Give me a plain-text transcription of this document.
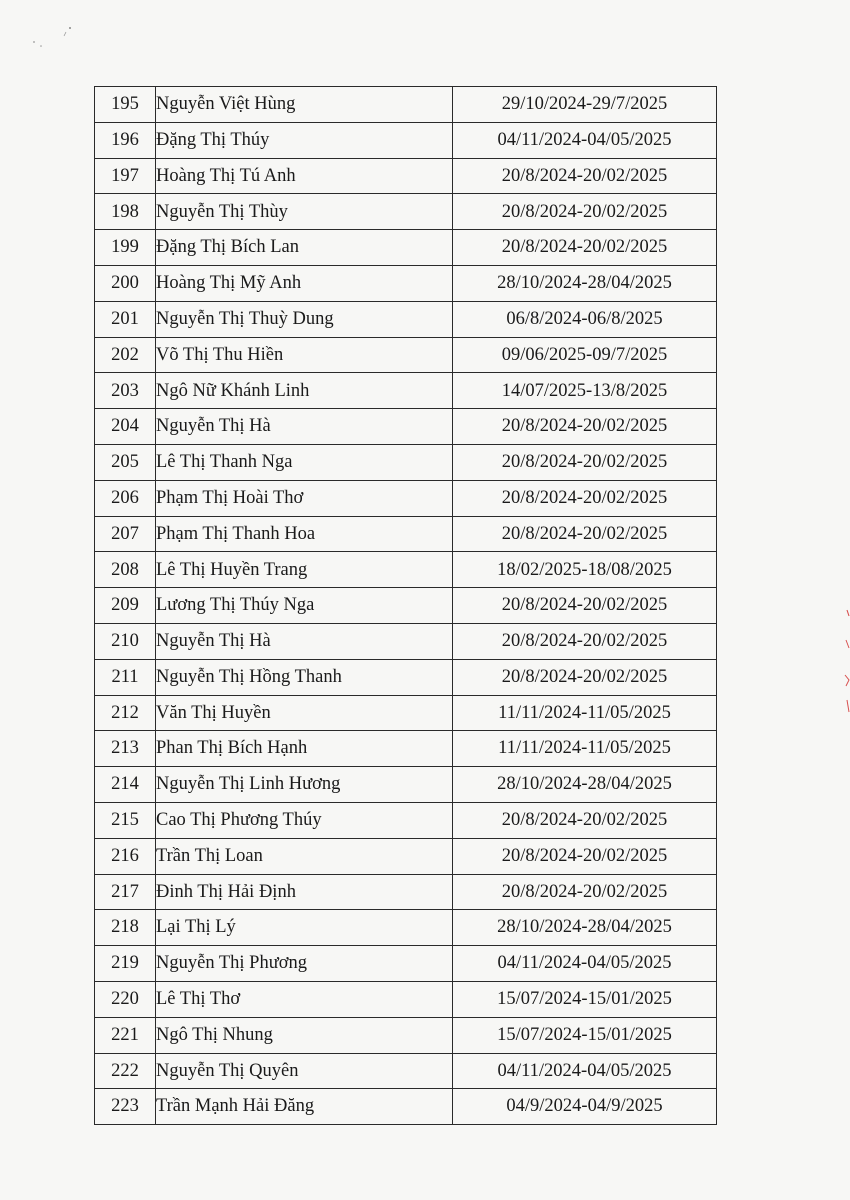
195	Nguyễn Việt Hùng	29/10/2024-29/7/2025
196	Đặng Thị Thúy	04/11/2024-04/05/2025
197	Hoàng Thị Tú Anh	20/8/2024-20/02/2025
198	Nguyễn Thị Thùy	20/8/2024-20/02/2025
199	Đặng Thị Bích Lan	20/8/2024-20/02/2025
200	Hoàng Thị Mỹ Anh	28/10/2024-28/04/2025
201	Nguyễn Thị Thuỳ Dung	06/8/2024-06/8/2025
202	Võ Thị Thu Hiền	09/06/2025-09/7/2025
203	Ngô Nữ Khánh Linh	14/07/2025-13/8/2025
204	Nguyễn Thị Hà	20/8/2024-20/02/2025
205	Lê Thị Thanh Nga	20/8/2024-20/02/2025
206	Phạm Thị Hoài Thơ	20/8/2024-20/02/2025
207	Phạm Thị Thanh Hoa	20/8/2024-20/02/2025
208	Lê Thị Huyền Trang	18/02/2025-18/08/2025
209	Lương Thị Thúy Nga	20/8/2024-20/02/2025
210	Nguyễn Thị Hà	20/8/2024-20/02/2025
211	Nguyễn Thị Hồng Thanh	20/8/2024-20/02/2025
212	Văn Thị Huyền	11/11/2024-11/05/2025
213	Phan Thị Bích Hạnh	11/11/2024-11/05/2025
214	Nguyễn Thị Linh Hương	28/10/2024-28/04/2025
215	Cao Thị Phương Thúy	20/8/2024-20/02/2025
216	Trần Thị Loan	20/8/2024-20/02/2025
217	Đinh Thị Hải Định	20/8/2024-20/02/2025
218	Lại Thị Lý	28/10/2024-28/04/2025
219	Nguyễn Thị Phương	04/11/2024-04/05/2025
220	Lê Thị Thơ	15/07/2024-15/01/2025
221	Ngô Thị Nhung	15/07/2024-15/01/2025
222	Nguyễn Thị Quyên	04/11/2024-04/05/2025
223	Trần Mạnh Hải Đăng	04/9/2024-04/9/2025
